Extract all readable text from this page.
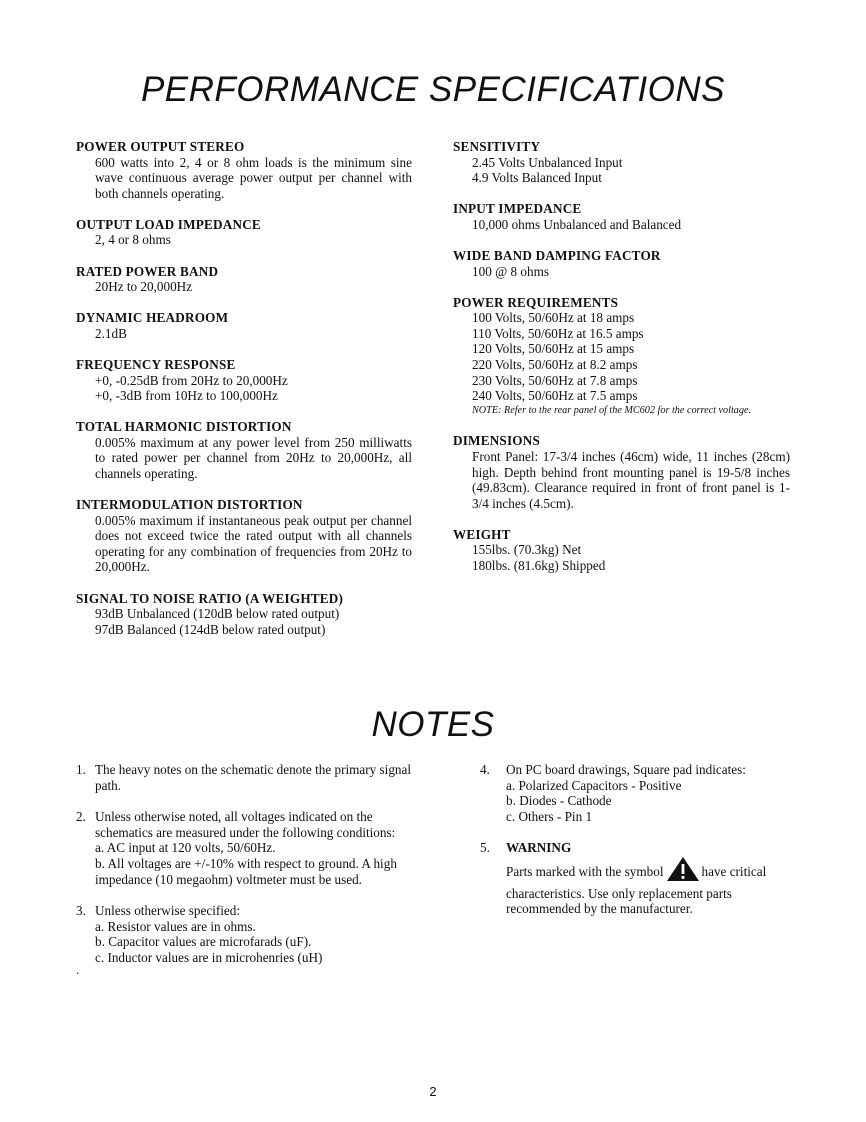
PERFORMANCE SPECIFICATIONS
POWER OUTPUT STEREO
600 watts into 2, 4 or 8 ohm loads is the minimum sine wave continuous average power output per channel with both channels operating.
OUTPUT LOAD IMPEDANCE
2, 4 or 8 ohms
RATED POWER BAND
20Hz to 20,000Hz
DYNAMIC HEADROOM
2.1dB
FREQUENCY RESPONSE
+0, -0.25dB from 20Hz to 20,000Hz
+0, -3dB from 10Hz to 100,000Hz
TOTAL HARMONIC DISTORTION
0.005% maximum at any power level from 250 milliwatts to rated power per channel from 20Hz to 20,000Hz, all channels operating.
INTERMODULATION DISTORTION
0.005% maximum if instantaneous peak output per channel does not exceed twice the rated output with all channels operating for any combination of frequencies from 20Hz to 20,000Hz.
SIGNAL TO NOISE RATIO (A WEIGHTED)
93dB Unbalanced (120dB below rated output)
97dB Balanced (124dB below rated output)
SENSITIVITY
2.45 Volts Unbalanced Input
4.9 Volts Balanced Input
INPUT IMPEDANCE
10,000 ohms Unbalanced and Balanced
WIDE BAND DAMPING FACTOR
100 @ 8 ohms
POWER REQUIREMENTS
100 Volts, 50/60Hz at 18 amps
110 Volts, 50/60Hz at 16.5 amps
120 Volts, 50/60Hz at 15 amps
220 Volts, 50/60Hz at 8.2 amps
230 Volts, 50/60Hz at 7.8 amps
240 Volts, 50/60Hz at 7.5 amps
NOTE: Refer to the rear panel of the MC602 for the correct voltage.
DIMENSIONS
Front Panel: 17-3/4 inches (46cm) wide, 11 inches (28cm) high. Depth behind front mounting panel is 19-5/8 inches (49.83cm). Clearance required in front of front panel is 1-3/4 inches (4.5cm).
WEIGHT
155lbs. (70.3kg) Net
180lbs. (81.6kg) Shipped
NOTES
1. The heavy notes on the schematic denote the primary signal path.
2. Unless otherwise noted, all voltages indicated on the schematics are measured under the following conditions:
a. AC input at 120 volts, 50/60Hz.
b. All voltages are +/-10% with respect to ground. A high impedance (10 megaohm) voltmeter must be used.
3. Unless otherwise specified:
a. Resistor values are in ohms.
b. Capacitor values are microfarads (uF).
c. Inductor values are in microhenries (uH)
4. On PC board drawings, Square pad indicates:
a. Polarized Capacitors - Positive
b. Diodes - Cathode
c. Others - Pin 1
5. WARNING
Parts marked with the symbol	have critical characteristics. Use only replacement parts recommended by the manufacturer.
.
2
